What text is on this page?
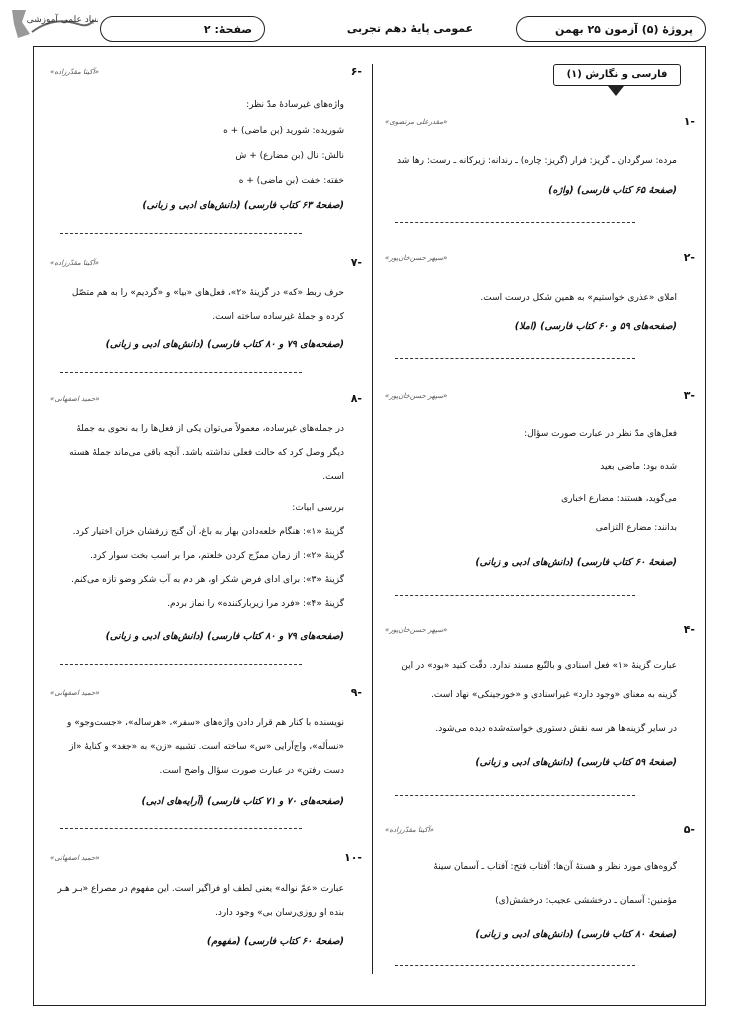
بنیاد علمی آموزشی
پروژهٔ (۵) آزمون ۲۵ بهمن
عمومی پایهٔ دهم تجربی
صفحهٔ: ۲
فارسی و نگارش (۱)
-۱
«مقدرعلی مرتضوی»
مرده: سرگردان ـ گریز: فرار (گریز: چاره) ـ رندانه: زیرکانه ـ رست: رها شد
(صفحهٔ ۶۵ کتاب فارسی) (واژه)
-۲
«سپهر حسن‌خان‌پور»
املای «عذری خواستیم» به همین شکل درست است.
(صفحه‌های ۵۹ و ۶۰ کتاب فارسی) (املا)
-۳
«سپهر حسن‌خان‌پور»
فعل‌های مدّ نظر در عبارت صورت سؤال:
شده بود: ماضی بعید
می‌گوید، هستند: مضارع اخباری
بدانند: مضارع التزامی
(صفحهٔ ۶۰ کتاب فارسی) (دانش‌های ادبی و زبانی)
-۴
«سپهر حسن‌خان‌پور»
عبارت گزینهٔ «۱» فعل اسنادی و بالتّبع مسند ندارد. دقّت کنید «بود» در این
گزینه به معنای «وجود دارد» غیراسنادی و «خورجینکی» نهاد است.
در سایر گزینه‌ها هر سه نقش دستوری خواسته‌شده دیده می‌شود.
(صفحهٔ ۵۹ کتاب فارسی) (دانش‌های ادبی و زبانی)
-۵
«آکیتا مقدّرزاده»
گروه‌های مورد نظر و هستهٔ آن‌ها: آفتاب فتح: آفتاب ـ آسمان سینهٔ
مؤمنین: آسمان ـ درخششی عجیب: درخشش(ی)
(صفحهٔ ۸۰ کتاب فارسی) (دانش‌های ادبی و زبانی)
-۶
«آکیتا مقدّرزاده»
واژه‌های غیرسادهٔ مدّ نظر:
شوریده: شورید (بن ماضی) + ه
نالش: نال (بن مضارع) + ش
خفته: خفت (بن ماضی) + ه
(صفحهٔ ۶۳ کتاب فارسی) (دانش‌های ادبی و زبانی)
-۷
«آکیتا مقدّرزاده»
حرف ربط «که» در گزینهٔ «۲»، فعل‌های «بیا» و «گردیم» را به هم متصّل
کرده و جملهٔ غیرساده ساخته است.
(صفحه‌های ۷۹ و ۸۰ کتاب فارسی) (دانش‌های ادبی و زبانی)
-۸
«حمید اصفهانی»
در جمله‌های غیرساده، معمولاً می‌توان یکی از فعل‌ها را به نحوی به جملهٔ
دیگر وصل کرد که حالت فعلی نداشته باشد. آنچه باقی می‌ماند جملهٔ هسته
است.
بررسی ابیات:
گزینهٔ «۱»: هنگام خلعه‌دادن بهار به باغ، آن گنج زرفشان خزان اختیار کرد.
گزینهٔ «۲»: از زمان ممزّج کردن خلعتم، مرا بر اسب بخت سوار کرد.
گزینهٔ «۳»: برای ادای فرض شکر او، هر دم به آب شکر وضو تازه می‌کنم.
گزینهٔ «۴»: «فرد مرا زیرباركننده» را نماز بردم.
(صفحه‌های ۷۹ و ۸۰ کتاب فارسی) (دانش‌های ادبی و زبانی)
-۹
«حمید اصفهانی»
نویسنده با کنار هم قرار دادن واژه‌های «سفر»، «هرساله»، «جست‌وجو» و
«نسأله»، واج‌آرایی «س» ساخته است. تشبیه «زن» به «جغد» و کنایهٔ «از
دست رفتن» در عبارت صورت سؤال واضح است.
(صفحه‌های ۷۰ و ۷۱ کتاب فارسی) (آرایه‌های ادبی)
-۱۰
«حمید اصفهانی»
عبارت «عمّ نواله» یعنی لطف او فراگیر است. این مفهوم در مصراع «بـر هـر
بنده او روزی‌رسان بی» وجود دارد.
(صفحهٔ ۶۰ کتاب فارسی) (مفهوم)
